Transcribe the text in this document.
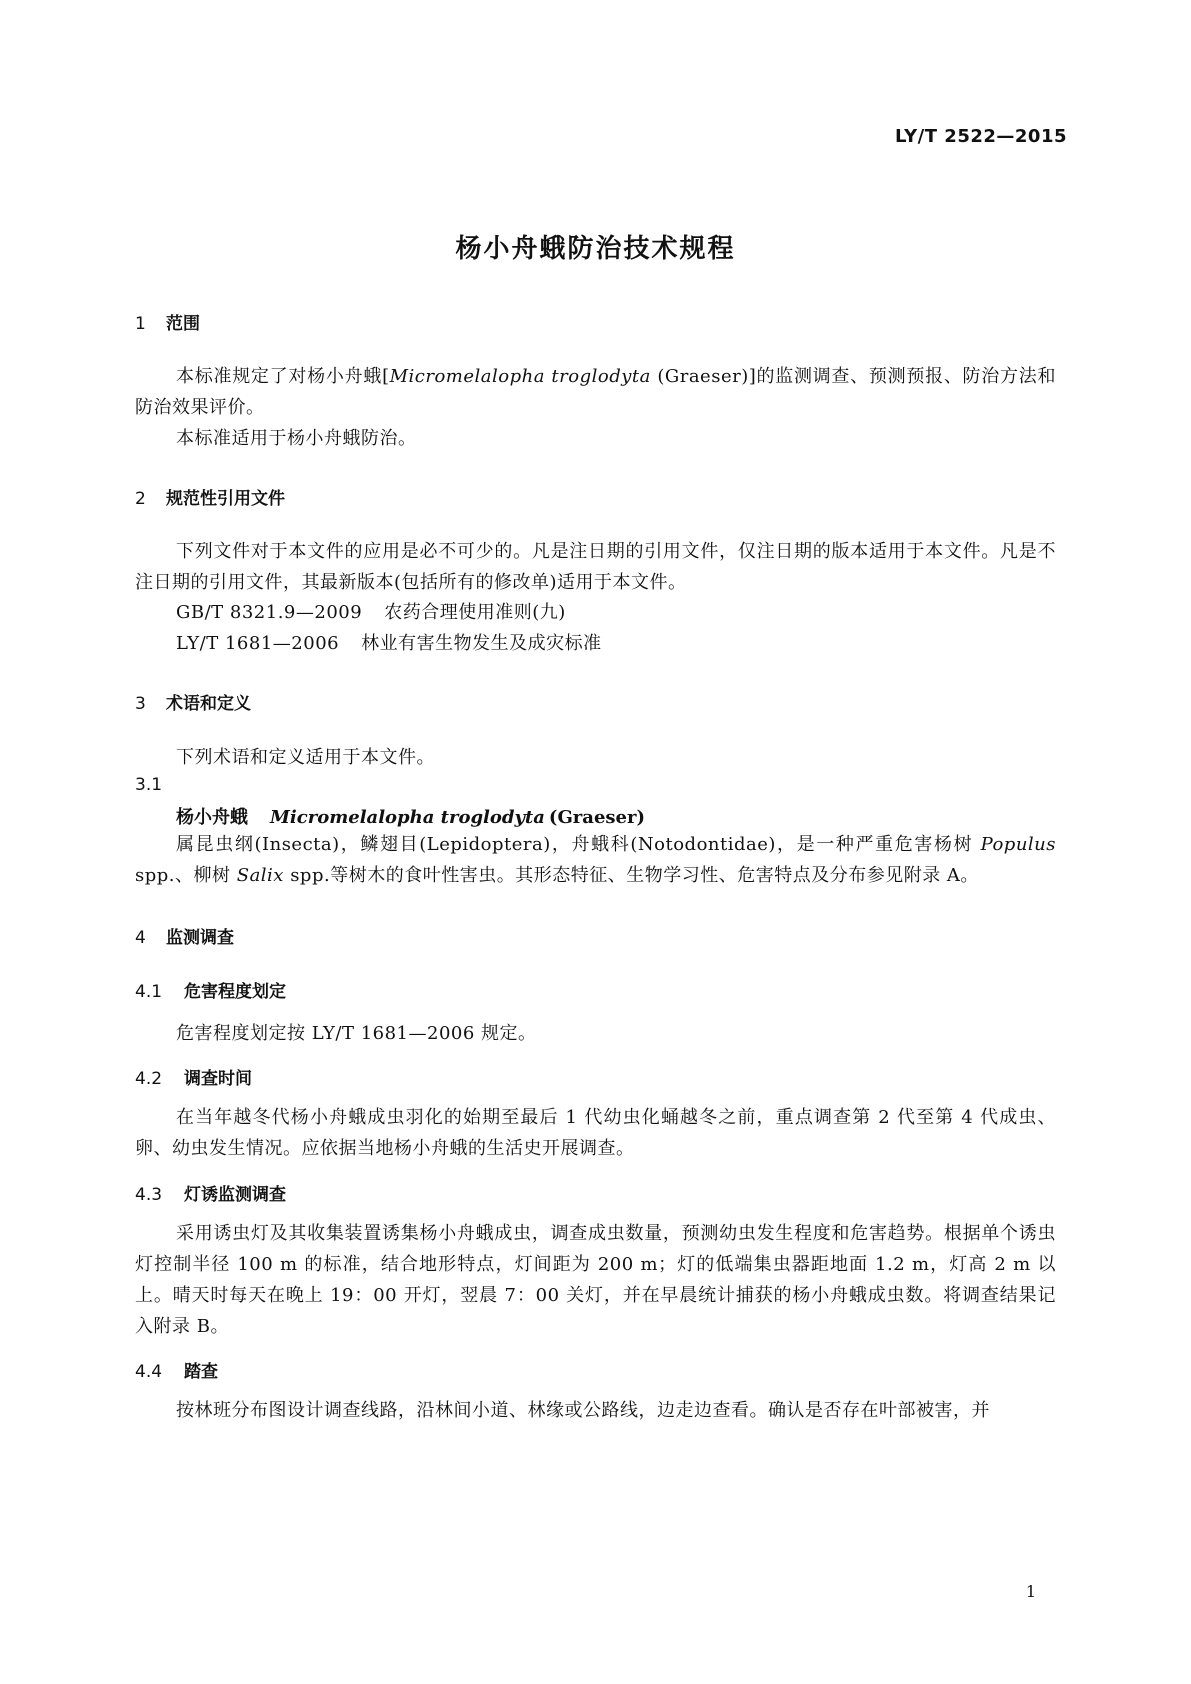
LY/T 2522—2015
杨小舟蛾防治技术规程
1 范围
本标准规定了对杨小舟蛾[Micromelalopha troglodyta (Graeser)]的监测调查、预测预报、防治方法和防治效果评价。
本标准适用于杨小舟蛾防治。
2 规范性引用文件
下列文件对于本文件的应用是必不可少的。凡是注日期的引用文件，仅注日期的版本适用于本文件。凡是不注日期的引用文件，其最新版本(包括所有的修改单)适用于本文件。
GB/T 8321.9—2009 农药合理使用准则(九)
LY/T 1681—2006 林业有害生物发生及成灾标准
3 术语和定义
下列术语和定义适用于本文件。
3.1
杨小舟蛾 Micromelalopha troglodyta (Graeser)
属昆虫纲(Insecta)，鳞翅目(Lepidoptera)，舟蛾科(Notodontidae)，是一种严重危害杨树 Populus spp.、柳树 Salix spp.等树木的食叶性害虫。其形态特征、生物学习性、危害特点及分布参见附录 A。
4 监测调查
4.1 危害程度划定
危害程度划定按 LY/T 1681—2006 规定。
4.2 调查时间
在当年越冬代杨小舟蛾成虫羽化的始期至最后 1 代幼虫化蛹越冬之前，重点调查第 2 代至第 4 代成虫、卵、幼虫发生情况。应依据当地杨小舟蛾的生活史开展调查。
4.3 灯诱监测调查
采用诱虫灯及其收集装置诱集杨小舟蛾成虫，调查成虫数量，预测幼虫发生程度和危害趋势。根据单个诱虫灯控制半径 100 m 的标准，结合地形特点，灯间距为 200 m；灯的低端集虫器距地面 1.2 m，灯高 2 m 以上。晴天时每天在晚上 19：00 开灯，翌晨 7：00 关灯，并在早晨统计捕获的杨小舟蛾成虫数。将调查结果记入附录 B。
4.4 踏查
按林班分布图设计调查线路，沿林间小道、林缘或公路线，边走边查看。确认是否存在叶部被害，并
1
